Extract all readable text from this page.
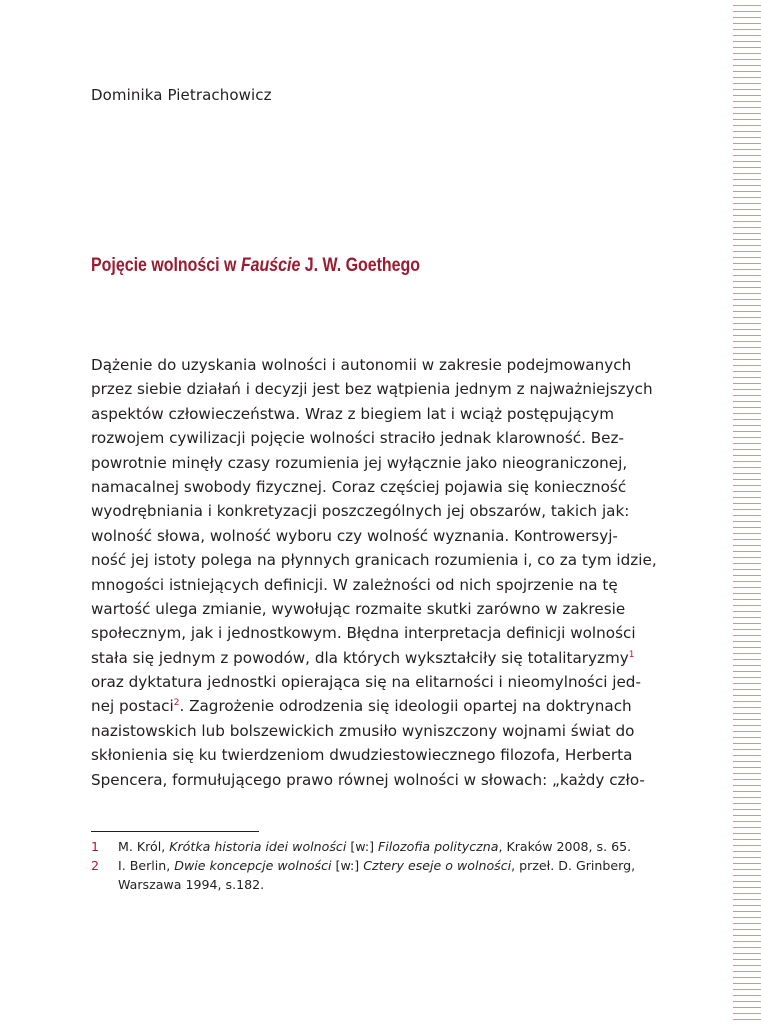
Dominika Pietrachowicz
Pojęcie wolności w Fauście J. W. Goethego
Dążenie do uzyskania wolności i autonomii w zakresie podejmowanych
przez siebie działań i decyzji jest bez wątpienia jednym z najważniejszych
aspektów człowieczeństwa. Wraz z biegiem lat i wciąż postępującym
rozwojem cywilizacji pojęcie wolności straciło jednak klarowność. Bez-
powrotnie minęły czasy rozumienia jej wyłącznie jako nieograniczonej,
namacalnej swobody fizycznej. Coraz częściej pojawia się konieczność
wyodrębniania i konkretyzacji poszczególnych jej obszarów, takich jak:
wolność słowa, wolność wyboru czy wolność wyznania. Kontrowersyj-
ność jej istoty polega na płynnych granicach rozumienia i, co za tym idzie,
mnogości istniejących definicji. W zależności od nich spojrzenie na tę
wartość ulega zmianie, wywołując rozmaite skutki zarówno w zakresie
społecznym, jak i jednostkowym. Błędna interpretacja definicji wolności
stała się jednym z powodów, dla których wykształciły się totalitaryzmy$^1$
oraz dyktatura jednostki opierająca się na elitarności i nieomylności jed-
nej postaci$^2$. Zagrożenie odrodzenia się ideologii opartej na doktrynach
nazistowskich lub bolszewickich zmusiło wyniszczony wojnami świat do
skłonienia się ku twierdzeniom dwudziestowiecznego filozofa, Herberta
Spencera, formułującego prawo równej wolności w słowach: „każdy czło-
1 M. Król, Krótka historia idei wolności [w:] Filozofia polityczna, Kraków 2008, s. 65.
2 I. Berlin, Dwie koncepcje wolności [w:] Cztery eseje o wolności, przeł. D. Grinberg,
Warszawa 1994, s.182.
